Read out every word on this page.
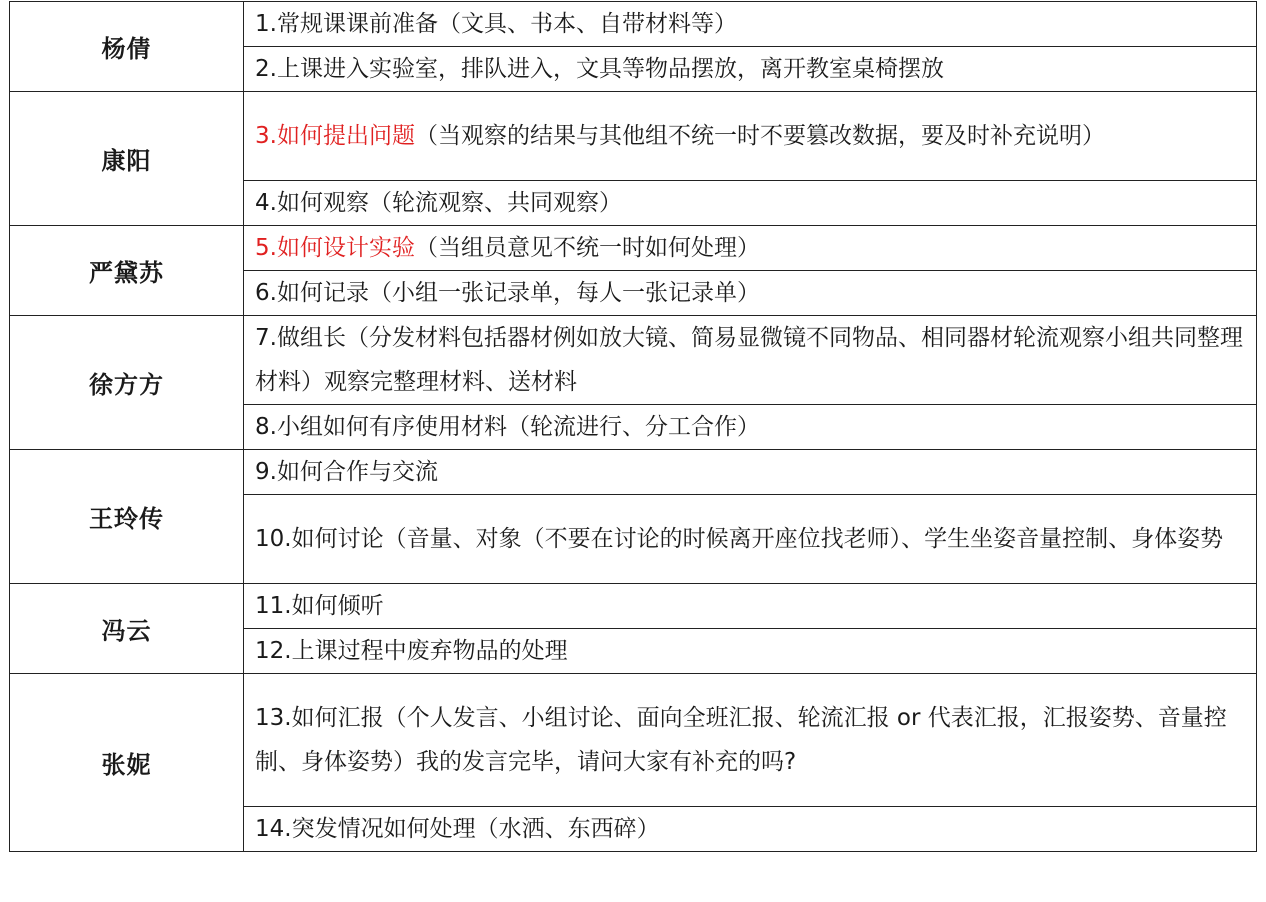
杨倩	1.常规课课前准备（文具、书本、自带材料等）
	2.上课进入实验室，排队进入，文具等物品摆放，离开教室桌椅摆放
康阳	3.如何提出问题（当观察的结果与其他组不统一时不要篡改数据，要及时补充说明）
	4.如何观察（轮流观察、共同观察）
严黛苏	5.如何设计实验（当组员意见不统一时如何处理）
	6.如何记录（小组一张记录单，每人一张记录单）
徐方方	7.做组长（分发材料包括器材例如放大镜、简易显微镜不同物品、相同器材轮流观察小组共同整理材料）观察完整理材料、送材料
	8.小组如何有序使用材料（轮流进行、分工合作）
王玲传	9.如何合作与交流
	10.如何讨论（音量、对象（不要在讨论的时候离开座位找老师）、学生坐姿音量控制、身体姿势
冯云	11.如何倾听
	12.上课过程中废弃物品的处理
张妮	13.如何汇报（个人发言、小组讨论、面向全班汇报、轮流汇报 or 代表汇报，汇报姿势、音量控制、身体姿势）我的发言完毕，请问大家有补充的吗?
	14.突发情况如何处理（水洒、东西碎）
